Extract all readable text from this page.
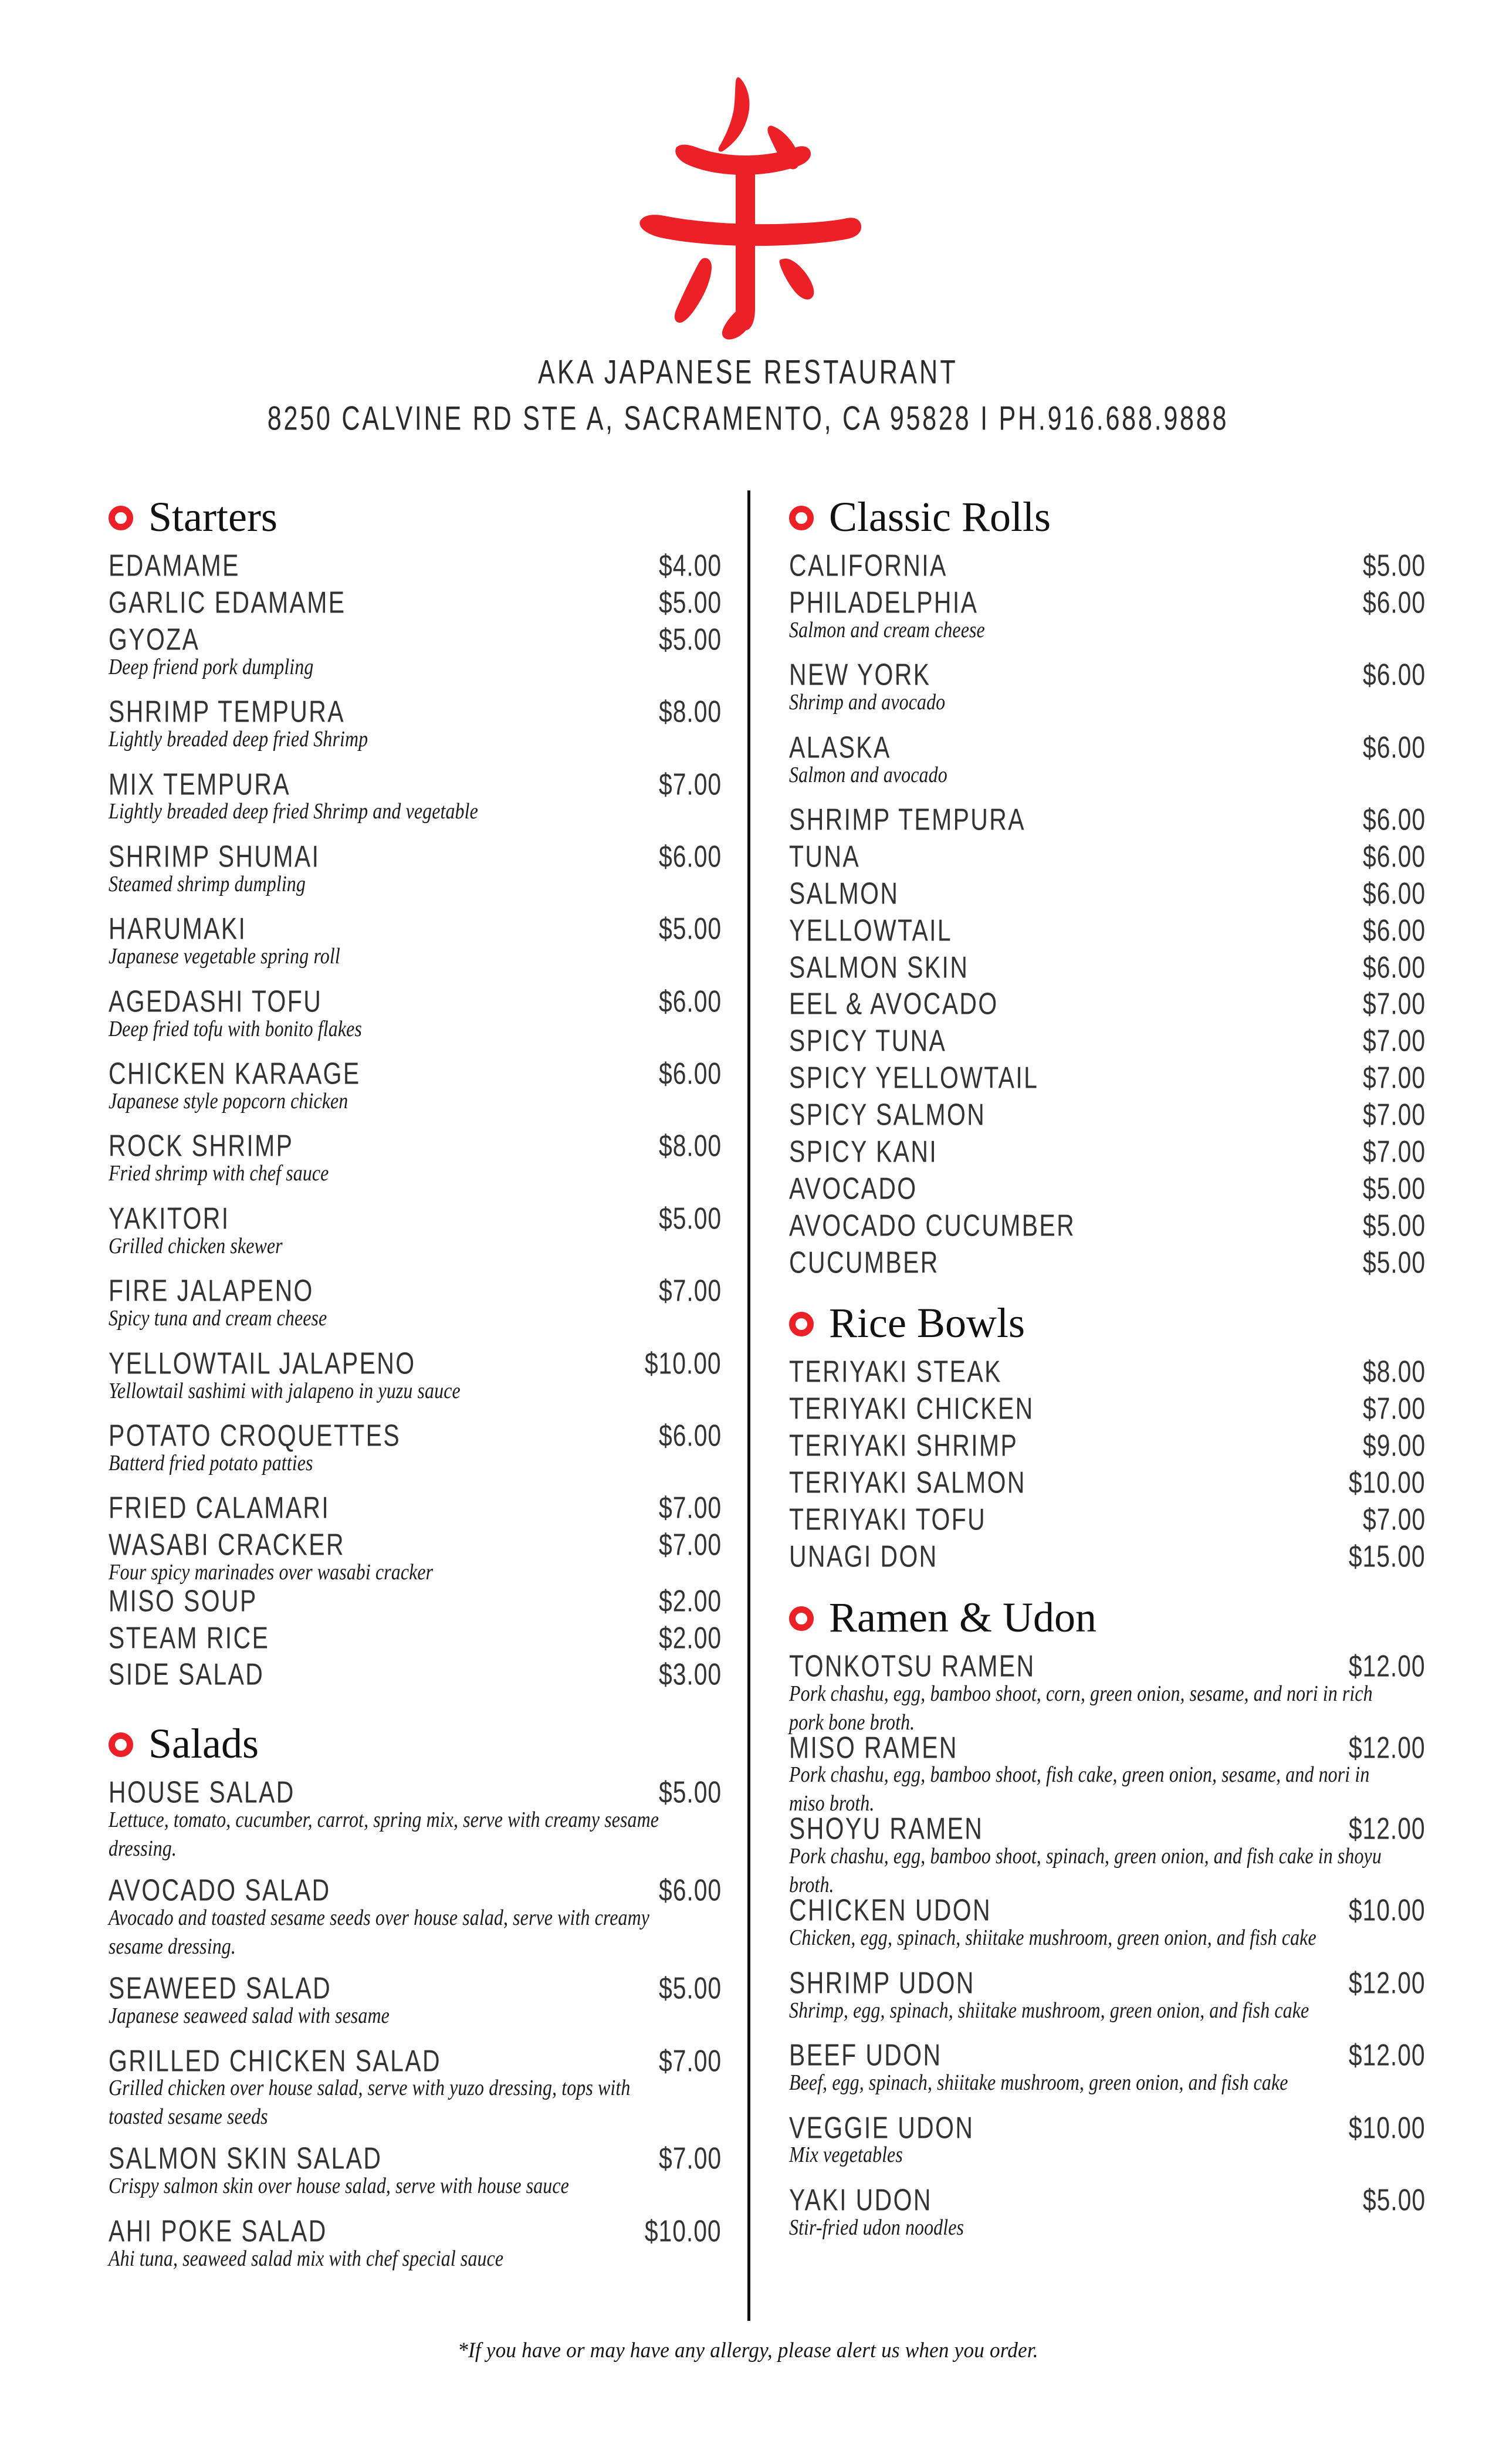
AKA JAPANESE RESTAURANT
8250 CALVINE RD STE A, SACRAMENTO, CA 95828 I PH.916.688.9888
Starters
EDAMAME	$4.00
GARLIC EDAMAME	$5.00
GYOZA	$5.00
Deep friend pork dumpling
SHRIMP TEMPURA	$8.00
Lightly breaded deep fried Shrimp
MIX TEMPURA	$7.00
Lightly breaded deep fried Shrimp and vegetable
SHRIMP SHUMAI	$6.00
Steamed shrimp dumpling
HARUMAKI	$5.00
Japanese vegetable spring roll
AGEDASHI TOFU	$6.00
Deep fried tofu with bonito flakes
CHICKEN KARAAGE	$6.00
Japanese style popcorn chicken
ROCK SHRIMP	$8.00
Fried shrimp with chef sauce
YAKITORI	$5.00
Grilled chicken skewer
FIRE JALAPENO	$7.00
Spicy tuna and cream cheese
YELLOWTAIL JALAPENO	$10.00
Yellowtail sashimi with jalapeno in yuzu sauce
POTATO CROQUETTES	$6.00
Batterd fried potato patties
FRIED CALAMARI	$7.00
WASABI CRACKER	$7.00
Four spicy marinades over wasabi cracker
MISO SOUP	$2.00
STEAM RICE	$2.00
SIDE SALAD	$3.00
Salads
HOUSE SALAD	$5.00
Lettuce, tomato, cucumber, carrot, spring mix, serve with creamy sesame dressing.
AVOCADO SALAD	$6.00
Avocado and toasted sesame seeds over house salad, serve with creamy sesame dressing.
SEAWEED SALAD	$5.00
Japanese seaweed salad with sesame
GRILLED CHICKEN SALAD	$7.00
Grilled chicken over house salad, serve with yuzo dressing, tops with toasted sesame seeds
SALMON SKIN SALAD	$7.00
Crispy salmon skin over house salad, serve with house sauce
AHI POKE SALAD	$10.00
Ahi tuna, seaweed salad mix with chef special sauce
Classic Rolls
CALIFORNIA	$5.00
PHILADELPHIA	$6.00
Salmon and cream cheese
NEW YORK	$6.00
Shrimp and avocado
ALASKA	$6.00
Salmon and avocado
SHRIMP TEMPURA	$6.00
TUNA	$6.00
SALMON	$6.00
YELLOWTAIL	$6.00
SALMON SKIN	$6.00
EEL & AVOCADO	$7.00
SPICY TUNA	$7.00
SPICY YELLOWTAIL	$7.00
SPICY SALMON	$7.00
SPICY KANI	$7.00
AVOCADO	$5.00
AVOCADO CUCUMBER	$5.00
CUCUMBER	$5.00
Rice Bowls
TERIYAKI STEAK	$8.00
TERIYAKI CHICKEN	$7.00
TERIYAKI SHRIMP	$9.00
TERIYAKI SALMON	$10.00
TERIYAKI TOFU	$7.00
UNAGI DON	$15.00
Ramen & Udon
TONKOTSU RAMEN	$12.00
Pork chashu, egg, bamboo shoot, corn, green onion, sesame, and nori in rich pork bone broth.
MISO RAMEN	$12.00
Pork chashu, egg, bamboo shoot, fish cake, green onion, sesame, and nori in miso broth.
SHOYU RAMEN	$12.00
Pork chashu, egg, bamboo shoot, spinach, green onion, and fish cake in shoyu broth.
CHICKEN UDON	$10.00
Chicken, egg, spinach, shiitake mushroom, green onion, and fish cake
SHRIMP UDON	$12.00
Shrimp, egg, spinach, shiitake mushroom, green onion, and fish cake
BEEF UDON	$12.00
Beef, egg, spinach, shiitake mushroom, green onion, and fish cake
VEGGIE UDON	$10.00
Mix vegetables
YAKI UDON	$5.00
Stir-fried udon noodles
*If you have or may have any allergy, please alert us when you order.
